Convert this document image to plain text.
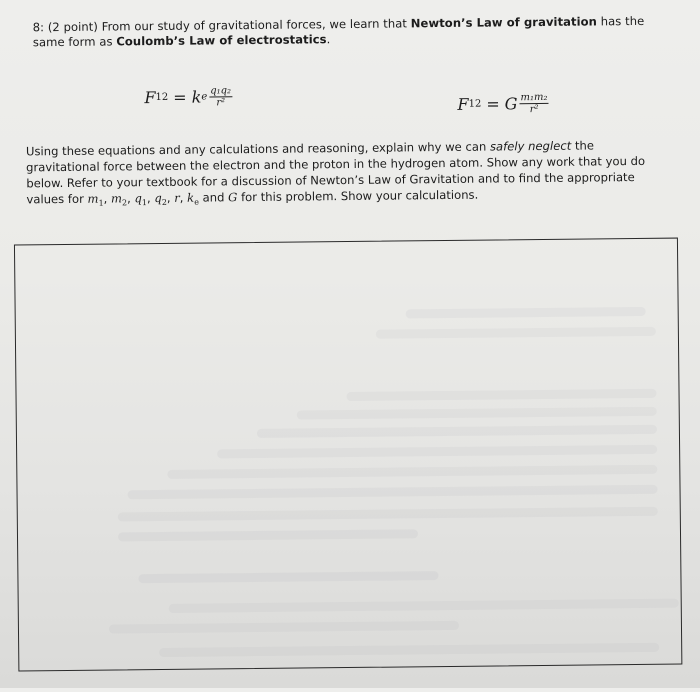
8: (2 point) From our study of gravitational forces, we learn that Newton’s Law of gravitation has the same form as Coulomb’s Law of electrostatics.
F 12 = k e $\frac{\text{q₁q₂}}{\text{r²}}$	F 12 = G $\frac{\text{m₁m₂}}{\text{r²}}$
Using these equations and any calculations and reasoning, explain why we can safely neglect the gravitational force between the electron and the proton in the hydrogen atom. Show any work that you do below. Refer to your textbook for a discussion of Newton’s Law of Gravitation and to find the appropriate values for $m_1$, $m_2$, $q_1$, $q_2$, r, $k_e$ and G for this problem. Show your calculations.
